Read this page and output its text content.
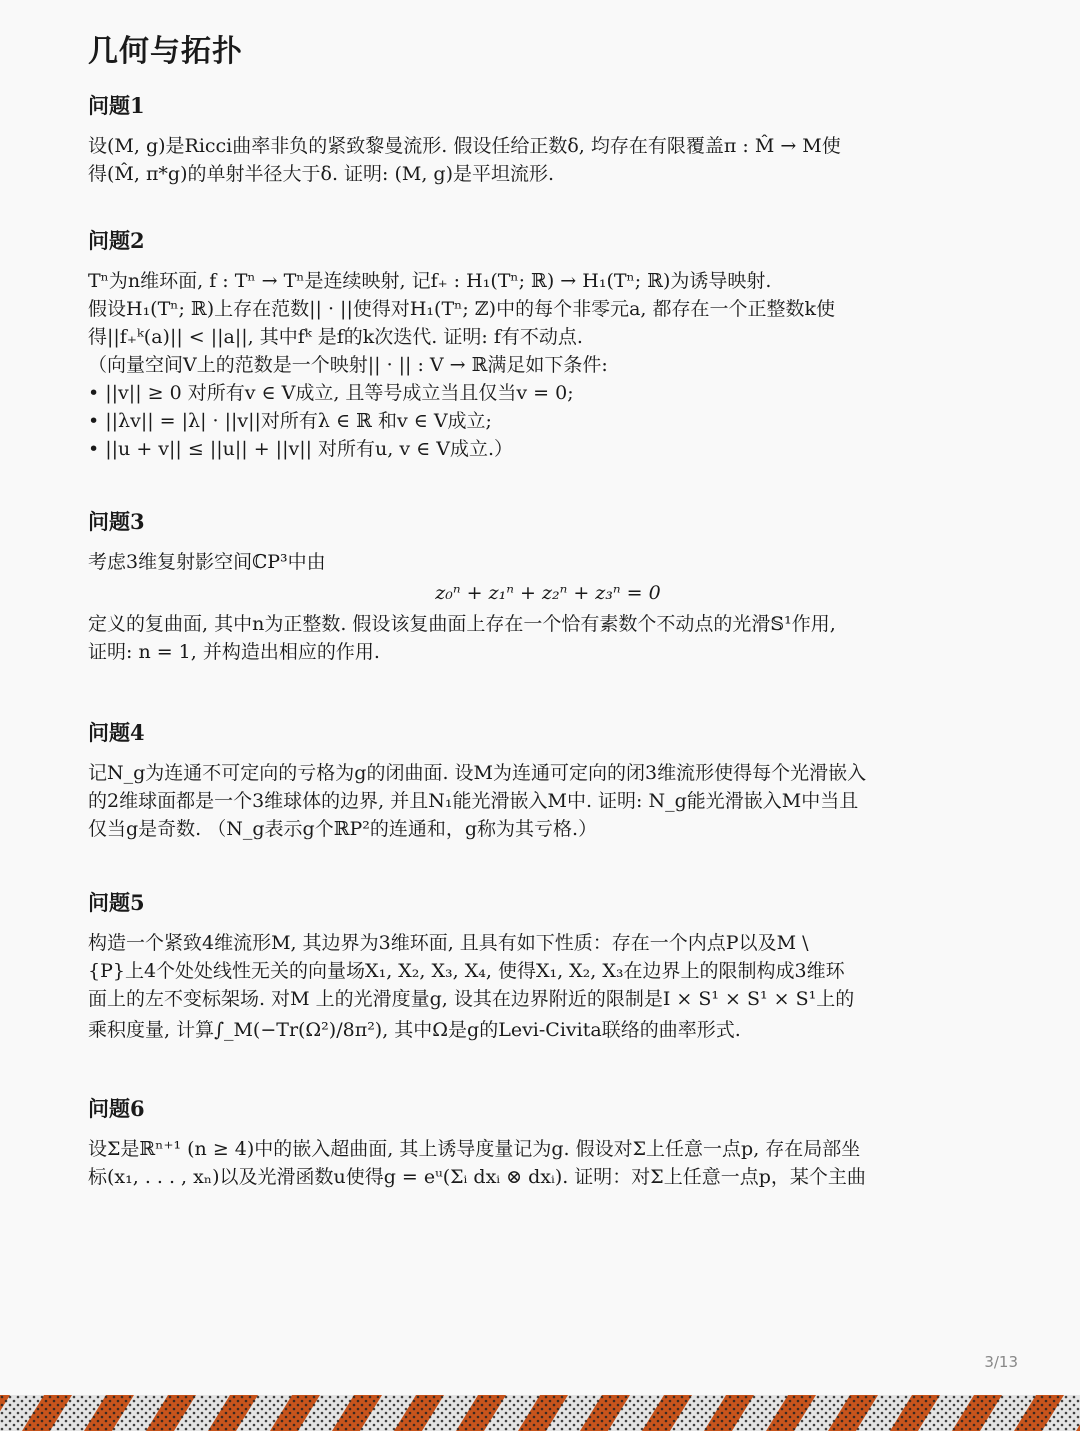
几何与拓扑
问题1
设(M, g)是Ricci曲率非负的紧致黎曼流形. 假设任给正数δ, 均存在有限覆盖π : M̂ → M使
得(M̂, π*g)的单射半径大于δ. 证明: (M, g)是平坦流形.
问题2
Tⁿ为n维环面, f : Tⁿ → Tⁿ是连续映射, 记f₊ : H₁(Tⁿ; ℝ) → H₁(Tⁿ; ℝ)为诱导映射.
假设H₁(Tⁿ; ℝ)上存在范数|| · ||使得对H₁(Tⁿ; ℤ)中的每个非零元a, 都存在一个正整数k使
得||f₊ᵏ(a)|| < ||a||, 其中fᵏ 是f的k次迭代. 证明: f有不动点.
（向量空间V上的范数是一个映射|| · || : V → ℝ满足如下条件:
• ||v|| ≥ 0 对所有v ∈ V成立, 且等号成立当且仅当v = 0;
• ||λv|| = |λ| · ||v||对所有λ ∈ ℝ 和v ∈ V成立;
• ||u + v|| ≤ ||u|| + ||v|| 对所有u, v ∈ V成立.）
问题3
考虑3维复射影空间ℂP³中由
z₀ⁿ + z₁ⁿ + z₂ⁿ + z₃ⁿ = 0
定义的复曲面, 其中n为正整数. 假设该复曲面上存在一个恰有素数个不动点的光滑𝕊¹作用,
证明: n = 1, 并构造出相应的作用.
问题4
记N_g为连通不可定向的亏格为g的闭曲面. 设M为连通可定向的闭3维流形使得每个光滑嵌入
的2维球面都是一个3维球体的边界, 并且N₁能光滑嵌入M中. 证明: N_g能光滑嵌入M中当且
仅当g是奇数. （N_g表示g个ℝP²的连通和，g称为其亏格.）
问题5
构造一个紧致4维流形M, 其边界为3维环面, 且具有如下性质：存在一个内点P以及M \
{P}上4个处处线性无关的向量场X₁, X₂, X₃, X₄, 使得X₁, X₂, X₃在边界上的限制构成3维环
面上的左不变标架场. 对M 上的光滑度量g, 设其在边界附近的限制是I × S¹ × S¹ × S¹上的
乘积度量, 计算∫_M(−Tr(Ω²)/8π²), 其中Ω是g的Levi-Civita联络的曲率形式.
问题6
设Σ是ℝⁿ⁺¹ (n ≥ 4)中的嵌入超曲面, 其上诱导度量记为g. 假设对Σ上任意一点p, 存在局部坐
标(x₁, . . . , xₙ)以及光滑函数u使得g = eᵘ(Σᵢ dxᵢ ⊗ dxᵢ). 证明：对Σ上任意一点p，某个主曲
3/13
